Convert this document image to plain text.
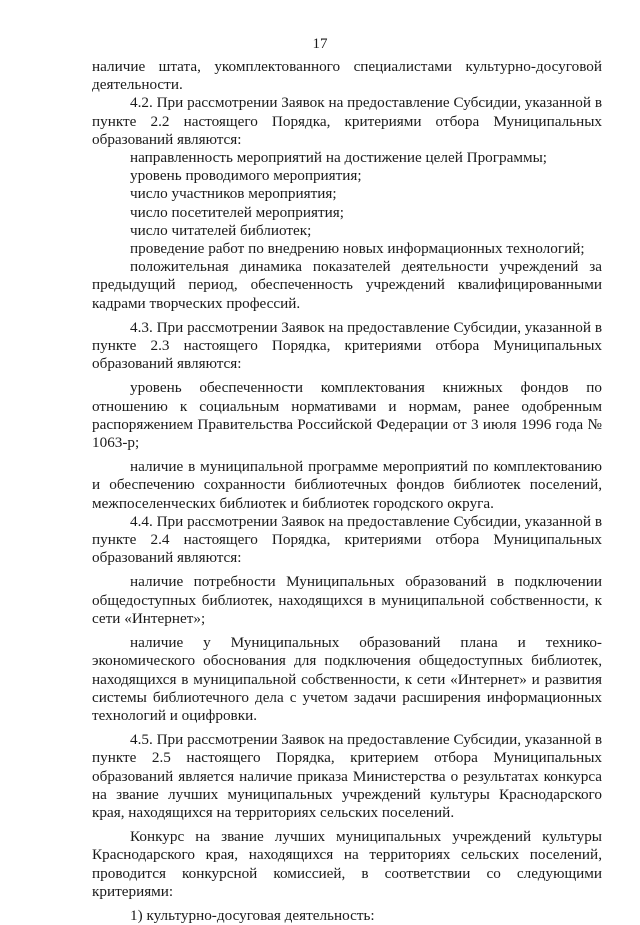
17

наличие штата, укомплектованного специалистами культурно-досуговой деятельности.

4.2. При рассмотрении Заявок на предоставление Субсидии, указанной в пункте 2.2 настоящего Порядка, критериями отбора Муниципальных образований являются:

направленность мероприятий на достижение целей Программы;

уровень проводимого мероприятия;

число участников мероприятия;

число посетителей мероприятия;

число читателей библиотек;

проведение работ по внедрению новых информационных технологий;

положительная динамика показателей деятельности учреждений за предыдущий период, обеспеченность учреждений квалифицированными кадрами творческих профессий.

4.3. При рассмотрении Заявок на предоставление Субсидии, указанной в пункте 2.3 настоящего Порядка, критериями отбора Муниципальных образований являются:

уровень обеспеченности комплектования книжных фондов по отношению к социальным нормативами и нормам, ранее одобренным распоряжением Правительства Российской Федерации от 3 июля 1996 года № 1063-р;

наличие в муниципальной программе мероприятий по комплектованию и обеспечению сохранности библиотечных фондов библиотек поселений, межпоселенческих библиотек и библиотек городского округа.

4.4. При рассмотрении Заявок на предоставление Субсидии, указанной в пункте 2.4 настоящего Порядка, критериями отбора Муниципальных образований являются:

наличие потребности Муниципальных образований в подключении общедоступных библиотек, находящихся в муниципальной собственности, к сети «Интернет»;

наличие у Муниципальных образований плана и технико-экономического обоснования для подключения общедоступных библиотек, находящихся в муниципальной собственности, к сети «Интернет» и развития системы библиотечного дела с учетом задачи расширения информационных технологий и оцифровки.

4.5. При рассмотрении Заявок на предоставление Субсидии, указанной в пункте 2.5 настоящего Порядка, критерием отбора Муниципальных образований является наличие приказа Министерства о результатах конкурса на звание лучших муниципальных учреждений культуры Краснодарского края, находящихся на территориях сельских поселений.

Конкурс на звание лучших муниципальных учреждений культуры Краснодарского края, находящихся на территориях сельских поселений, проводится конкурсной комиссией, в соответствии со следующими критериями:

1) культурно-досуговая деятельность:
